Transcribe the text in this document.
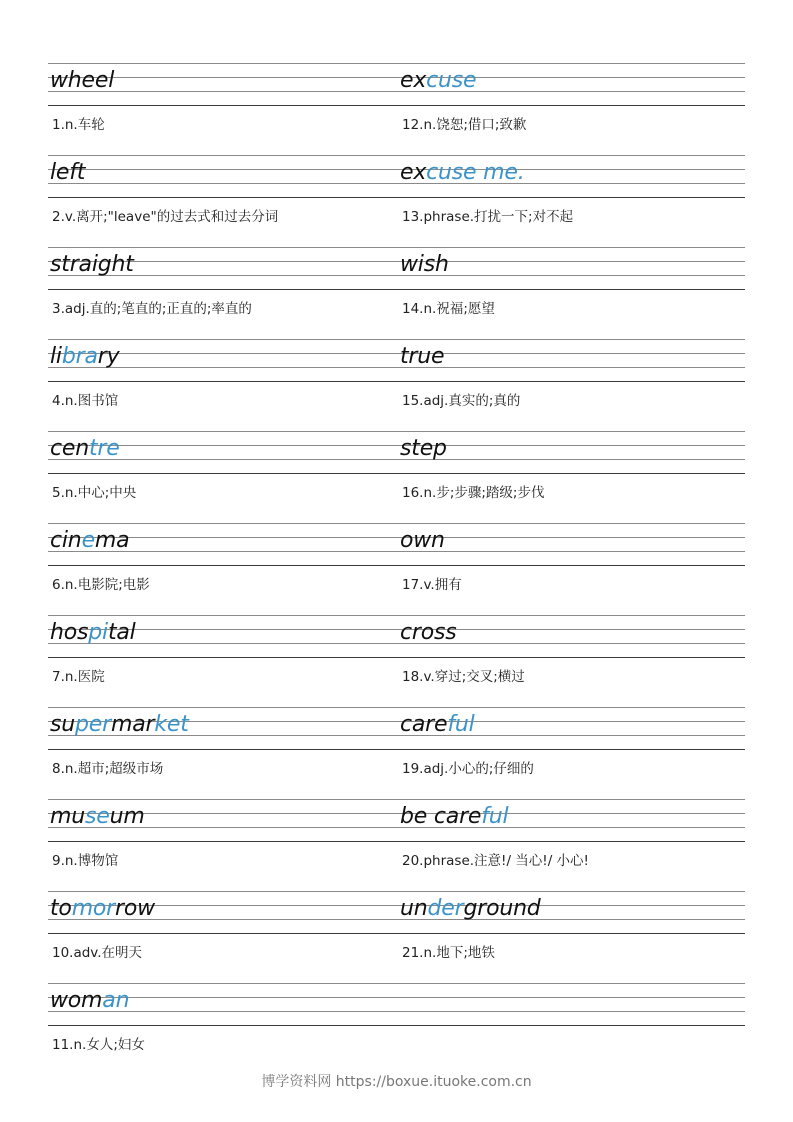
wheel
1.n.车轮
excuse
12.n.饶恕;借口;致歉
left
2.v.离开;"leave"的过去式和过去分词
excuse me.
13.phrase.打扰一下;对不起
straight
3.adj.直的;笔直的;正直的;率直的
wish
14.n.祝福;愿望
library
4.n.图书馆
true
15.adj.真实的;真的
centre
5.n.中心;中央
step
16.n.步;步骤;踏级;步伐
cinema
6.n.电影院;电影
own
17.v.拥有
hospital
7.n.医院
cross
18.v.穿过;交叉;横过
supermarket
8.n.超市;超级市场
careful
19.adj.小心的;仔细的
museum
9.n.博物馆
be careful
20.phrase.注意!/ 当心!/ 小心!
tomorrow
10.adv.在明天
underground
21.n.地下;地铁
woman
11.n.女人;妇女
博学资料网 https://boxue.ituoke.com.cn
